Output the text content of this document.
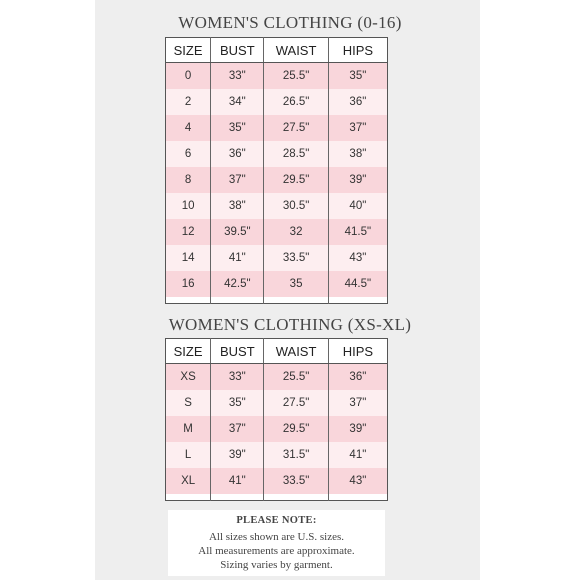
WOMEN'S CLOTHING (0-16)
SIZE	BUST	WAIST	HIPS
0	33"	25.5"	35"
2	34"	26.5"	36"
4	35"	27.5"	37"
6	36"	28.5"	38"
8	37"	29.5"	39"
10	38"	30.5"	40"
12	39.5"	32	41.5"
14	41"	33.5"	43"
16	42.5"	35	44.5"

WOMEN'S CLOTHING (XS-XL)
SIZE	BUST	WAIST	HIPS
XS	33"	25.5"	36"
S	35"	27.5"	37"
M	37"	29.5"	39"
L	39"	31.5"	41"
XL	41"	33.5"	43"

PLEASE NOTE:
All sizes shown are U.S. sizes.
All measurements are approximate.
Sizing varies by garment.
